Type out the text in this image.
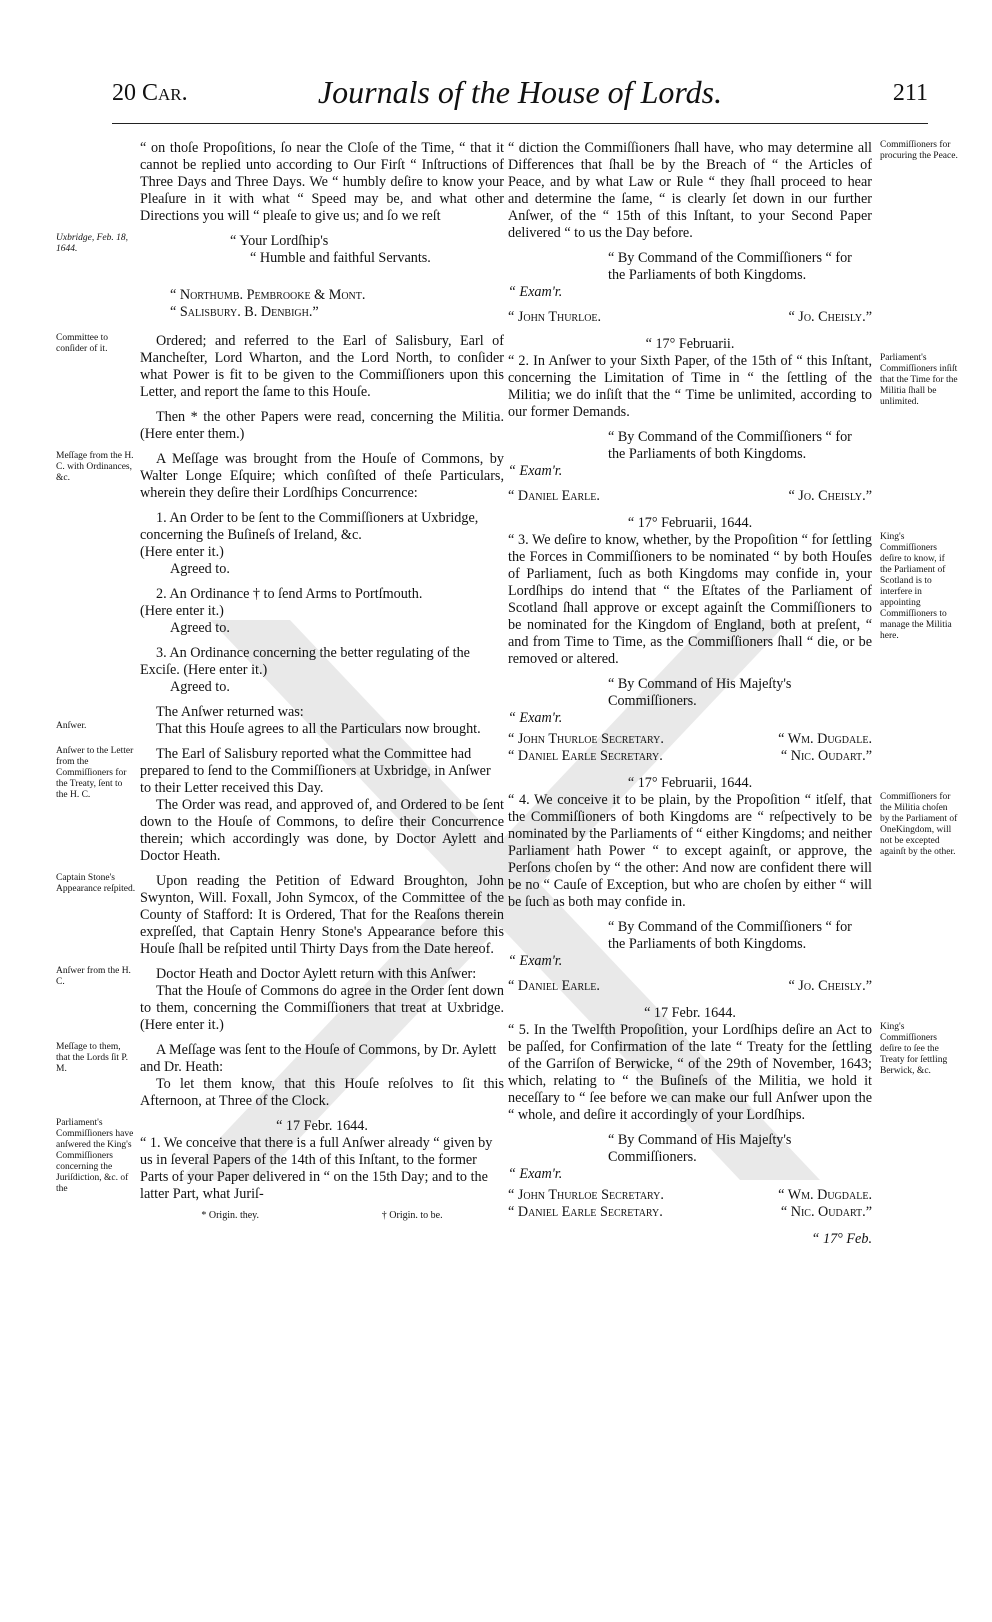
20 Car.	Journals of the House of Lords.	211

“ on thoſe Propoſitions, ſo near the Cloſe of the Time, “ that it cannot be replied unto according to Our Firſt “ Inſtructions of Three Days and Three Days. We “ humbly deſire to know your Pleaſure in it with what “ Speed may be, and what other Directions you will “ pleaſe to give us; and ſo we reſt

Uxbridge, Feb. 18, 1644.	“ Your Lordſhip's
“ Humble and faithful Servants.
“ Northumb. Pembrooke & Mont.
“ Salisbury. B. Denbigh.”
Committee to conſider of it.	Ordered; and referred to the Earl of Salisbury, Earl of Mancheſter, Lord Wharton, and the Lord North, to conſider what Power is fit to be given to the Commiſſioners upon this Letter, and report the ſame to this Houſe.

Then * the other Papers were read, concerning the Militia. (Here enter them.)

Meſſage from the H. C. with Ordinances, &c.

A Meſſage was brought from the Houſe of Commons, by Walter Longe Eſquire; which conſiſted of theſe Particulars, wherein they deſire their Lordſhips Concurrence:

1. An Order to be ſent to the Commiſſioners at Uxbridge, concerning the Buſineſs of Ireland, &c.

(Here enter it.)

Agreed to.

2. An Ordinance † to ſend Arms to Portſmouth.

(Here enter it.)

Agreed to.

3. An Ordinance concerning the better regulating of the Exciſe. (Here enter it.)

Agreed to.

The Anſwer returned was:

Anſwer.	That this Houſe agrees to all the Particulars now brought.

Anſwer to the Letter from the Commiſſioners for the Treaty, ſent to the H. C.

The Earl of Salisbury reported what the Committee had prepared to ſend to the Commiſſioners at Uxbridge, in Anſwer to their Letter received this Day.

The Order was read, and approved of, and Ordered to be ſent down to the Houſe of Commons, to deſire their Concurrence therein; which accordingly was done, by Doctor Aylett and Doctor Heath.

Captain Stone's Appearance reſpited.	Upon reading the Petition of Edward Broughton, John Swynton, Will. Foxall, John Symcox, of the Committee of the County of Stafford: It is Ordered, That for the Reaſons therein expreſſed, that Captain Henry Stone's Appearance before this Houſe ſhall be reſpited until Thirty Days from the Date hereof.

Anſwer from the H. C.	Doctor Heath and Doctor Aylett return with this Anſwer:

That the Houſe of Commons do agree in the Order ſent down to them, concerning the Commiſſioners that treat at Uxbridge. (Here enter it.)

Meſſage to them, that the Lords ſit P. M.

A Meſſage was ſent to the Houſe of Commons, by Dr. Aylett and Dr. Heath:

To let them know, that this Houſe reſolves to ſit this Afternoon, at Three of the Clock.

Parliament's Commiſſioners have anſwered the King's Commiſſioners concerning the Juriſdiction, &c. of the

“ 17 Febr. 1644.

“ 1. We conceive that there is a full Anſwer already “ given by us in ſeveral Papers of the 14th of this Inſtant, to the former Parts of your Paper delivered in “ on the 15th Day; and to the latter Part, what Juriſ-

* Origin. they.	† Origin. to be.
Commiſſioners for procuring the Peace.

“ diction the Commiſſioners ſhall have, who may determine all Differences that ſhall be by the Breach of “ the Articles of Peace, and by what Law or Rule “ they ſhall proceed to hear and determine the ſame, “ is clearly ſet down in our further Anſwer, of the “ 15th of this Inſtant, to your Second Paper delivered “ to us the Day before.

“ By Command of the Commiſſioners “ for the Parliaments of both Kingdoms.

“ Exam'r.

“ John Thurloe.	“ Jo. Cheisly.”

“ 17° Februarii.

Parliament's Commiſſioners inſiſt that the Time for the Militia ſhall be unlimited.

“ 2. In Anſwer to your Sixth Paper, of the 15th of “ this Inſtant, concerning the Limitation of Time in “ the ſettling of the Militia; we do inſiſt that the “ Time be unlimited, according to our former Demands.

“ By Command of the Commiſſioners “ for the Parliaments of both Kingdoms.

“ Exam'r.

“ Daniel Earle.	“ Jo. Cheisly.”

“ 17° Februarii, 1644.

King's Commiſſioners deſire to know, if the Parliament of Scotland is to interfere in appointing Commiſſioners to manage the Militia here.

“ 3. We deſire to know, whether, by the Propoſition “ for ſettling the Forces in Commiſſioners to be nominated “ by both Houſes of Parliament, ſuch as both Kingdoms may confide in, your Lordſhips do intend that “ the Eſtates of the Parliament of Scotland ſhall approve or except againſt the Commiſſioners to be nominated for the Kingdom of England, both at preſent, “ and from Time to Time, as the Commiſſioners ſhall “ die, or be removed or altered.

“ By Command of His Majeſty's Commiſſioners.

“ Exam'r.

“ John Thurloe Secretary.	“ Wm. Dugdale.
“ Daniel Earle Secretary.	“ Nic. Oudart.”

“ 17° Februarii, 1644.

Commiſſioners for the Militia choſen by the Parliament of OneKingdom, will not be excepted againſt by the other.

“ 4. We conceive it to be plain, by the Propoſition “ itſelf, that the Commiſſioners of both Kingdoms are “ reſpectively to be nominated by the Parliaments of “ either Kingdoms; and neither Parliament hath Power “ to except againſt, or approve, the Perſons choſen by “ the other: And now are confident there will be no “ Cauſe of Exception, but who are choſen by either “ will be ſuch as both may confide in.

“ By Command of the Commiſſioners “ for the Parliaments of both Kingdoms.

“ Exam'r.

“ Daniel Earle.	“ Jo. Cheisly.”

“ 17 Febr. 1644.

King's Commiſſioners deſire to ſee the Treaty for ſettling Berwick, &c.

“ 5. In the Twelfth Propoſition, your Lordſhips deſire an Act to be paſſed, for Confirmation of the late “ Treaty for the ſettling of the Garriſon of Berwicke, “ of the 29th of November, 1643; which, relating to “ the Buſineſs of the Militia, we hold it neceſſary to “ ſee before we can make our full Anſwer upon the “ whole, and deſire it accordingly of your Lordſhips.

“ By Command of His Majeſty's Commiſſioners.

“ Exam'r.

“ John Thurloe Secretary.	“ Wm. Dugdale.
“ Daniel Earle Secretary.	“ Nic. Oudart.”

“ 17° Feb.
